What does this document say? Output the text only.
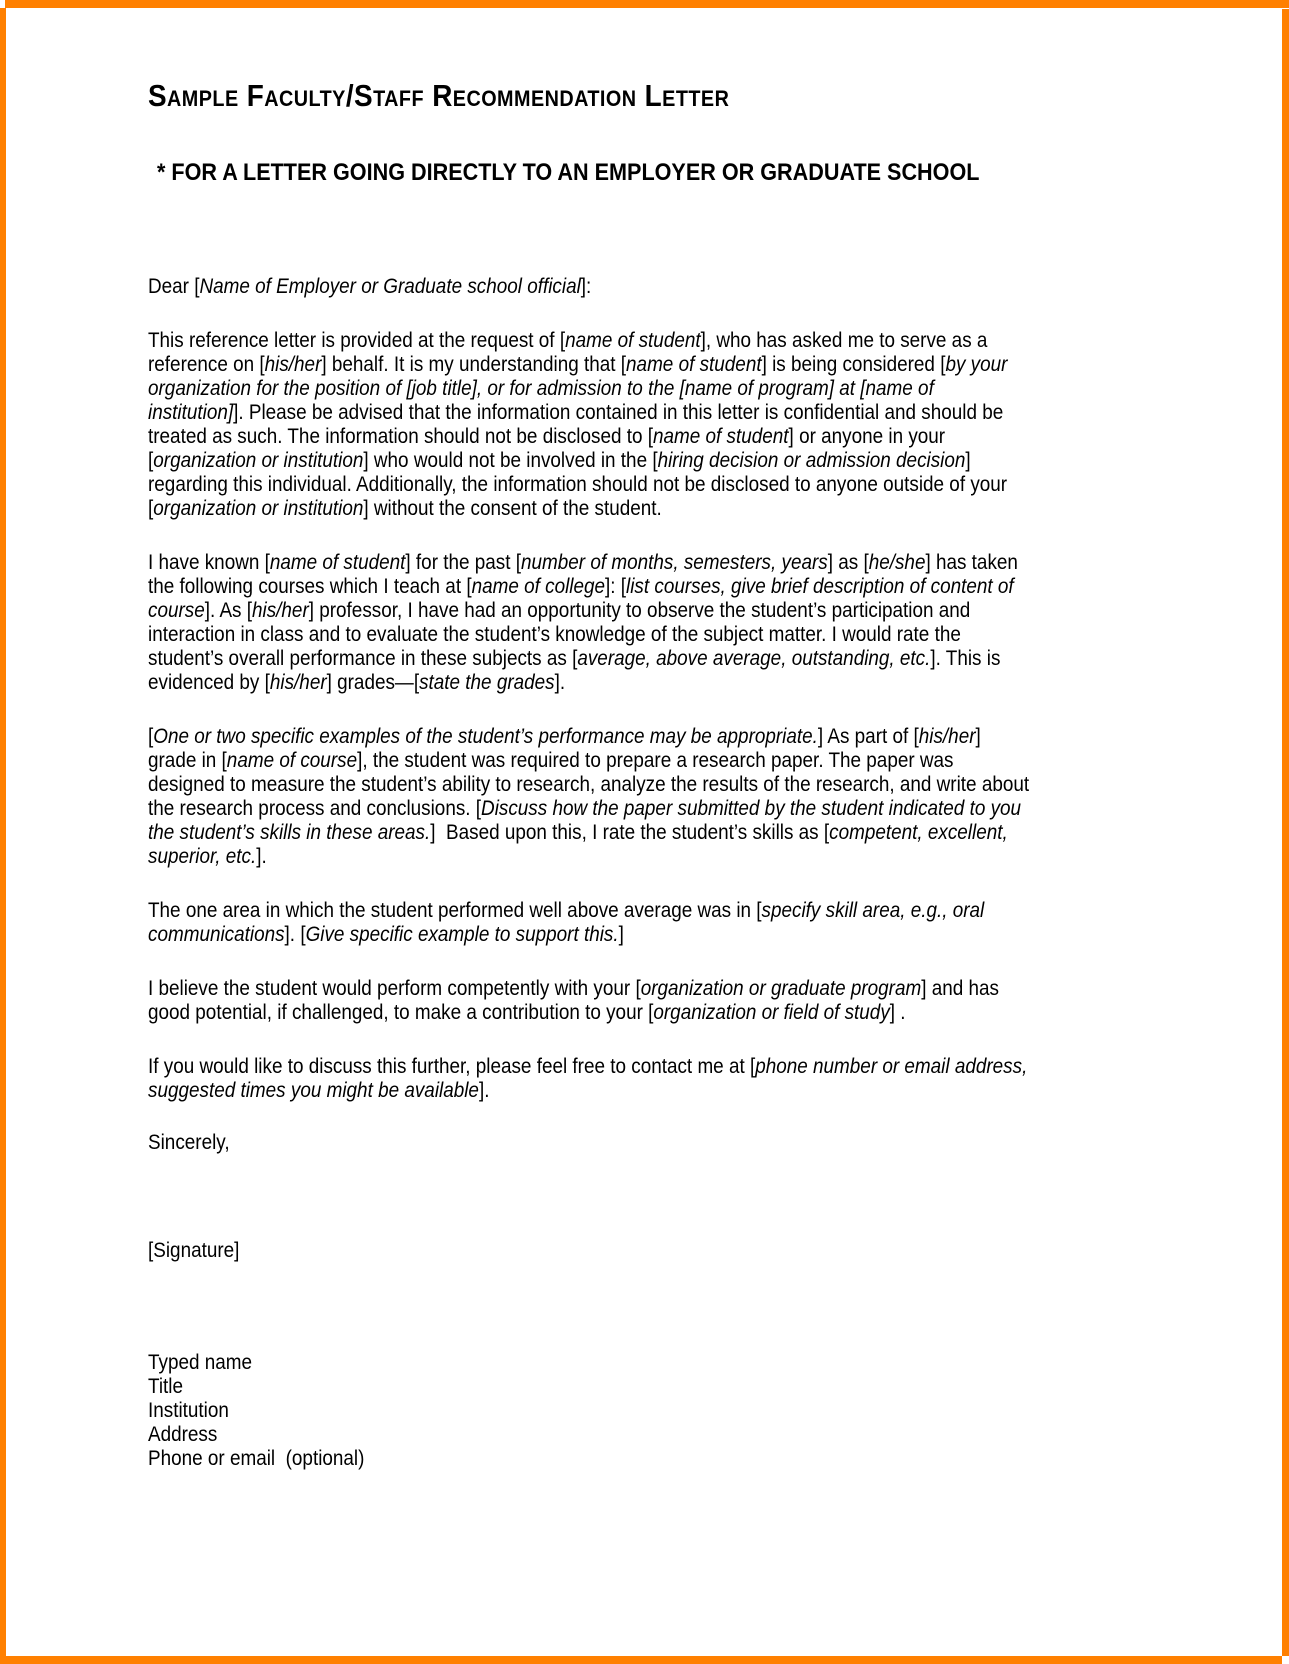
Sample Faculty/Staff Recommendation Letter
* FOR A LETTER GOING DIRECTLY TO AN EMPLOYER OR GRADUATE SCHOOL
Dear [Name of Employer or Graduate school official]:
This reference letter is provided at the request of [name of student], who has asked me to serve as a
reference on [his/her] behalf. It is my understanding that [name of student] is being considered [by your
organization for the position of [job title], or for admission to the [name of program] at [name of
institution]]. Please be advised that the information contained in this letter is confidential and should be
treated as such. The information should not be disclosed to [name of student] or anyone in your
[organization or institution] who would not be involved in the [hiring decision or admission decision]
regarding this individual. Additionally, the information should not be disclosed to anyone outside of your
[organization or institution] without the consent of the student.
I have known [name of student] for the past [number of months, semesters, years] as [he/she] has taken
the following courses which I teach at [name of college]: [list courses, give brief description of content of
course]. As [his/her] professor, I have had an opportunity to observe the student’s participation and
interaction in class and to evaluate the student’s knowledge of the subject matter. I would rate the
student’s overall performance in these subjects as [average, above average, outstanding, etc.]. This is
evidenced by [his/her] grades—[state the grades].
[One or two specific examples of the student’s performance may be appropriate.] As part of [his/her]
grade in [name of course], the student was required to prepare a research paper. The paper was
designed to measure the student’s ability to research, analyze the results of the research, and write about
the research process and conclusions. [Discuss how the paper submitted by the student indicated to you
the student’s skills in these areas.]  Based upon this, I rate the student’s skills as [competent, excellent,
superior, etc.].
The one area in which the student performed well above average was in [specify skill area, e.g., oral
communications]. [Give specific example to support this.]
I believe the student would perform competently with your [organization or graduate program] and has
good potential, if challenged, to make a contribution to your [organization or field of study] .
If you would like to discuss this further, please feel free to contact me at [phone number or email address,
suggested times you might be available].
Sincerely,
[Signature]
Typed name
Title
Institution
Address
Phone or email  (optional)
